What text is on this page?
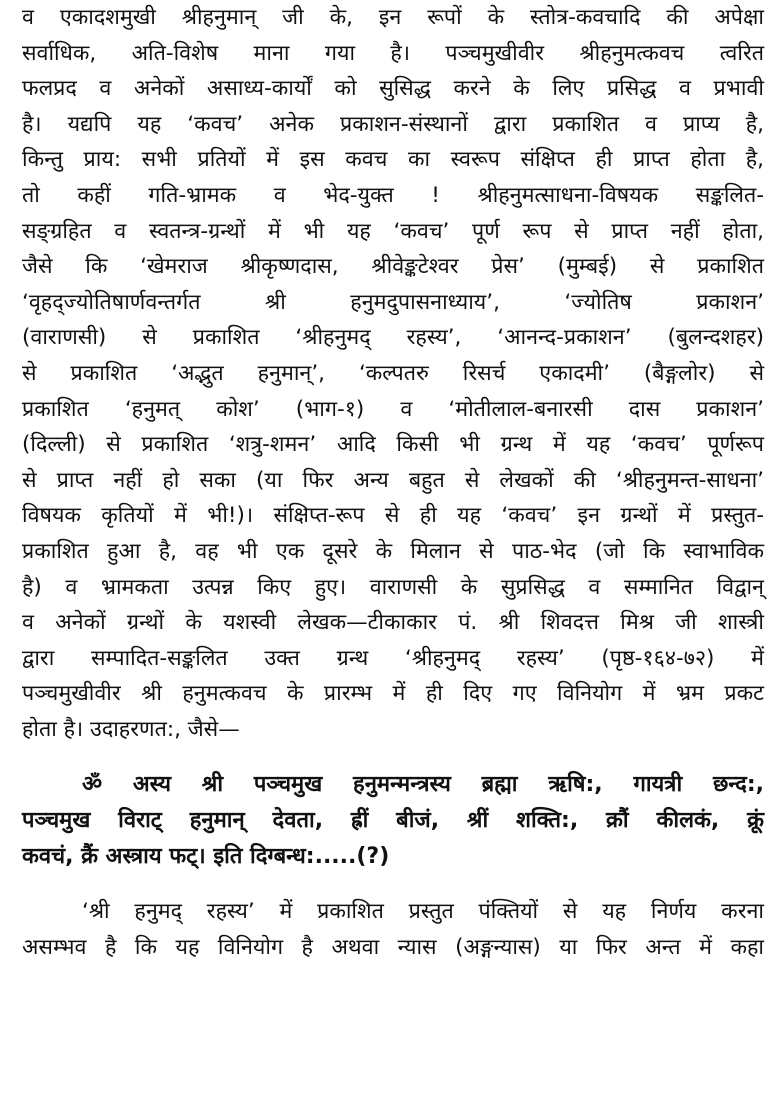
व एकादशमुखी श्रीहनुमान् जी के, इन रूपों के स्तोत्र-कवचादि की अपेक्षा
सर्वाधिक, अति-विशेष माना गया है। पञ्चमुखीवीर श्रीहनुमत्कवच त्वरित
फलप्रद व अनेकों असाध्य-कार्यों को सुसिद्ध करने के लिए प्रसिद्ध व प्रभावी
है। यद्यपि यह ‘कवच’ अनेक प्रकाशन-संस्थानों द्वारा प्रकाशित व प्राप्य है,
किन्तु प्राय: सभी प्रतियों में इस कवच का स्वरूप संक्षिप्त ही प्राप्त होता है,
तो कहीं गति-भ्रामक व भेद-युक्त ! श्रीहनुमत्साधना-विषयक सङ्कलित-
सङ्ग्रहित व स्वतन्त्र-ग्रन्थों में भी यह ‘कवच’ पूर्ण रूप से प्राप्त नहीं होता,
जैसे कि ‘खेमराज श्रीकृष्णदास, श्रीवेङ्कटेश्वर प्रेस’ (मुम्बई) से प्रकाशित
‘वृहद्ज्योतिषार्णवन्तर्गत श्री हनुमदुपासनाध्याय’, ‘ज्योतिष प्रकाशन’
(वाराणसी) से प्रकाशित ‘श्रीहनुमद् रहस्य’, ‘आनन्द-प्रकाशन’ (बुलन्दशहर)
से प्रकाशित ‘अद्भुत हनुमान्’, ‘कल्पतरु रिसर्च एकादमी’ (बैङ्गलोर) से
प्रकाशित ‘हनुमत् कोश’ (भाग-१) व ‘मोतीलाल-बनारसी दास प्रकाशन’
(दिल्ली) से प्रकाशित ‘शत्रु-शमन’ आदि किसी भी ग्रन्थ में यह ‘कवच’ पूर्णरूप
से प्राप्त नहीं हो सका (या फिर अन्य बहुत से लेखकों की ‘श्रीहनुमन्त-साधना’
विषयक कृतियों में भी!)। संक्षिप्त-रूप से ही यह ‘कवच’ इन ग्रन्थों में प्रस्तुत-
प्रकाशित हुआ है, वह भी एक दूसरे के मिलान से पाठ-भेद (जो कि स्वाभाविक
है) व भ्रामकता उत्पन्न किए हुए। वाराणसी के सुप्रसिद्ध व सम्मानित विद्वान्
व अनेकों ग्रन्थों के यशस्वी लेखक—टीकाकार पं. श्री शिवदत्त मिश्र जी शास्त्री
द्वारा सम्पादित-सङ्कलित उक्त ग्रन्थ ‘श्रीहनुमद् रहस्य’ (पृष्ठ-१६४-७२) में
पञ्चमुखीवीर श्री हनुमत्कवच के प्रारम्भ में ही दिए गए विनियोग में भ्रम प्रकट
होता है। उदाहरणत:, जैसे—
ॐ अस्य श्री पञ्चमुख हनुमन्मन्त्रस्य ब्रह्मा ऋषि:, गायत्री छन्द:,
पञ्चमुख विराट् हनुमान् देवता, ह्रीं बीजं, श्रीं शक्ति:, क्रौं कीलकं, क्रूं
कवचं, क्रैं अस्त्राय फट्। इति दिग्बन्ध:.....(?)
‘श्री हनुमद् रहस्य’ में प्रकाशित प्रस्तुत पंक्तियों से यह निर्णय करना
असम्भव है कि यह विनियोग है अथवा न्यास (अङ्गन्यास) या फिर अन्त में कहा
